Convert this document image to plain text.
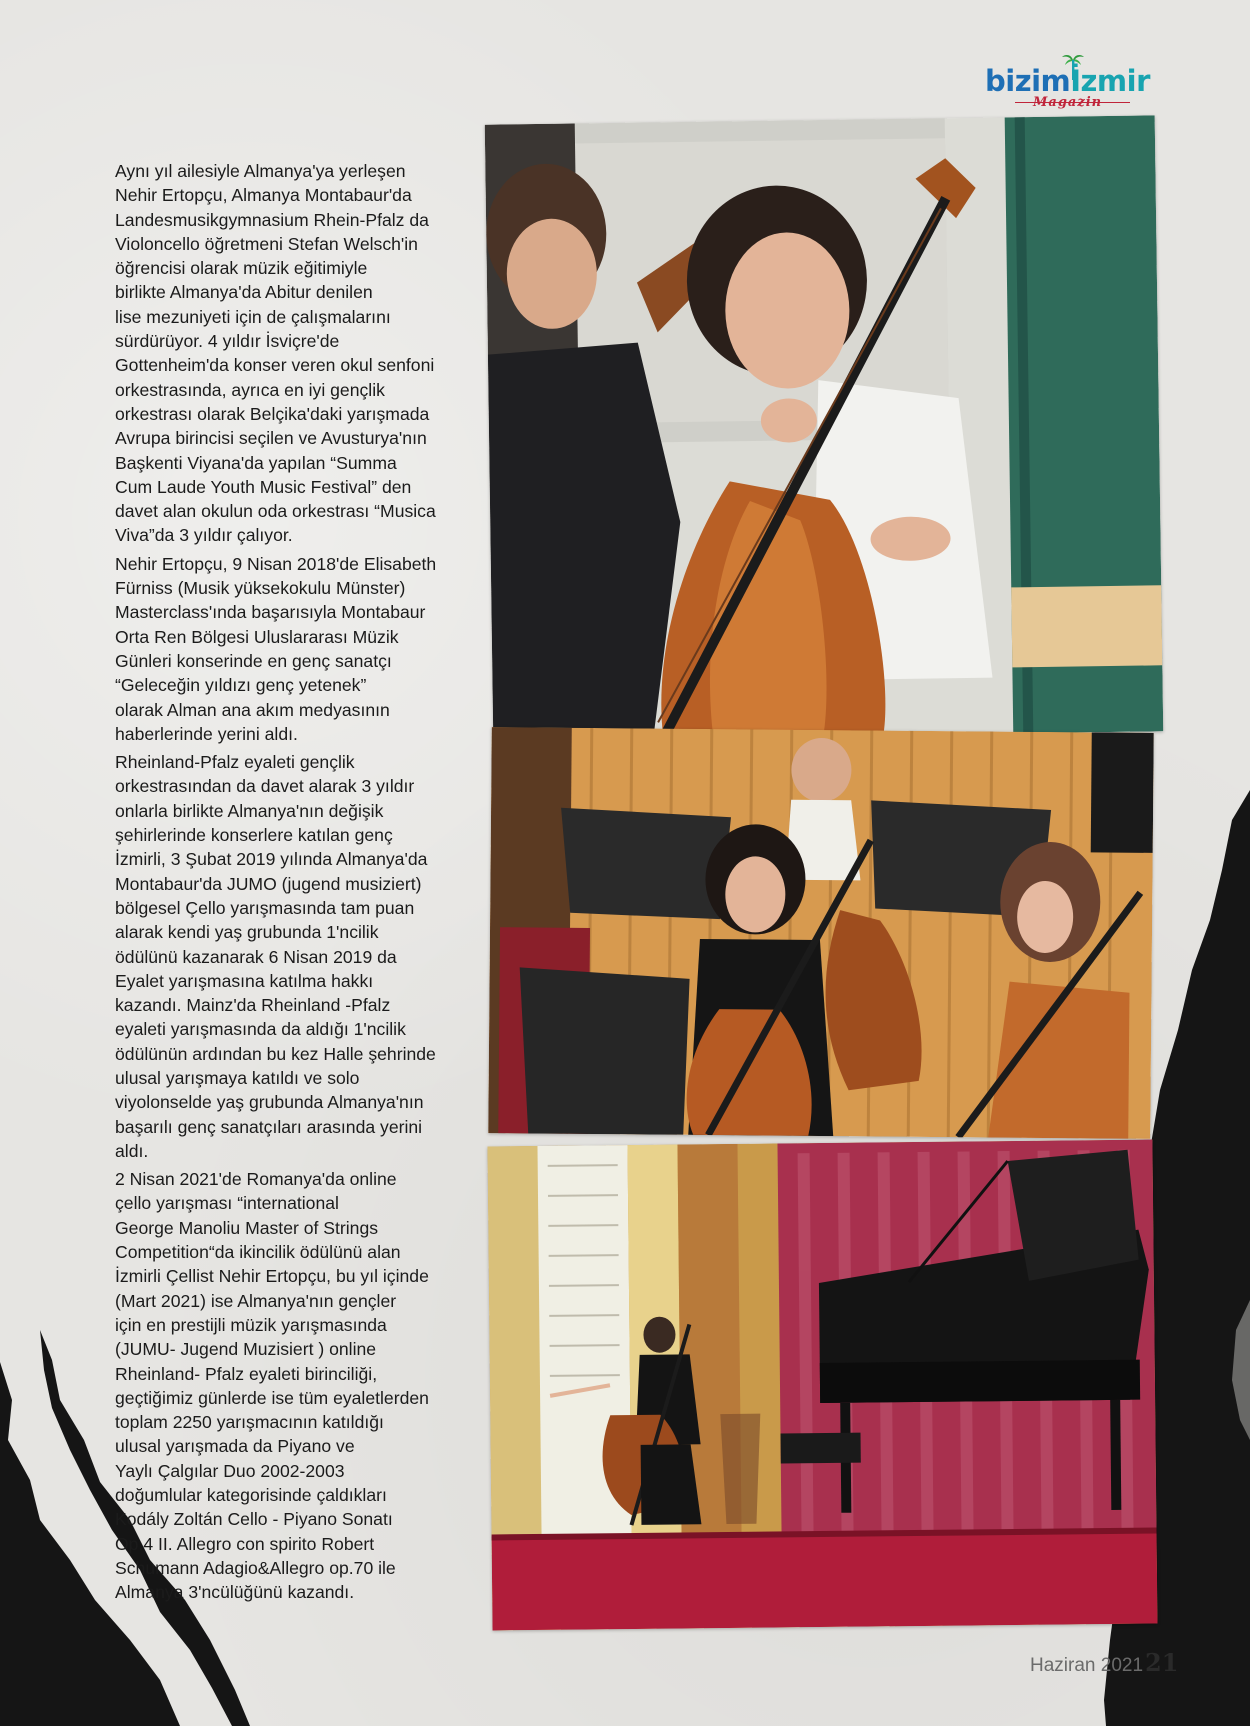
bizimİzmir
Magazin

Aynı yıl ailesiyle Almanya'ya yerleşen
Nehir Ertopçu, Almanya Montabaur'da
Landesmusikgymnasium Rhein-Pfalz da
Violoncello öğretmeni Stefan Welsch'in
öğrencisi olarak müzik eğitimiyle
birlikte Almanya'da Abitur denilen
lise mezuniyeti için de çalışmalarını
sürdürüyor. 4 yıldır İsviçre'de
Gottenheim'da konser veren okul senfoni
orkestrasında, ayrıca en iyi gençlik
orkestrası olarak Belçika'daki yarışmada
Avrupa birincisi seçilen ve Avusturya'nın
Başkenti Viyana'da yapılan “Summa
Cum Laude Youth Music Festival” den
davet alan okulun oda orkestrası “Musica
Viva”da 3 yıldır çalıyor.

Nehir Ertopçu, 9 Nisan 2018'de Elisabeth
Fürniss (Musik yüksekokulu Münster)
Masterclass'ında başarısıyla Montabaur
Orta Ren Bölgesi Uluslararası Müzik
Günleri konserinde en genç sanatçı
“Geleceğin yıldızı genç yetenek”
olarak Alman ana akım medyasının
haberlerinde yerini aldı.

Rheinland-Pfalz eyaleti gençlik
orkestrasından da davet alarak 3 yıldır
onlarla birlikte Almanya'nın değişik
şehirlerinde konserlere katılan genç
İzmirli, 3 Şubat 2019 yılında Almanya'da
Montabaur'da JUMO (jugend musiziert)
bölgesel Çello yarışmasında tam puan
alarak kendi yaş grubunda 1'ncilik
ödülünü kazanarak 6 Nisan 2019 da
Eyalet yarışmasına katılma hakkı
kazandı. Mainz'da Rheinland -Pfalz
eyaleti yarışmasında da aldığı 1'ncilik
ödülünün ardından bu kez Halle şehrinde
ulusal yarışmaya katıldı ve solo
viyolonselde yaş grubunda Almanya'nın
başarılı genç sanatçıları arasında yerini
aldı.

2 Nisan 2021'de Romanya'da online
çello yarışması “international
George Manoliu Master of Strings
Competition“da ikincilik ödülünü alan
İzmirli Çellist Nehir Ertopçu, bu yıl içinde
(Mart 2021) ise Almanya'nın gençler
için en prestijli müzik yarışmasında
(JUMU- Jugend Muzisiert ) online
Rheinland- Pfalz eyaleti birinciliği,
geçtiğimiz günlerde ise tüm eyaletlerden
toplam 2250 yarışmacının katıldığı
ulusal yarışmada da Piyano ve
Yaylı Çalgılar Duo 2002-2003
doğumlular kategorisinde çaldıkları
Kodály Zoltán Cello - Piyano Sonatı
Op.4 II. Allegro con spirito Robert
Schumann Adagio&Allegro op.70 ile
Almanya 3'ncülüğünü kazandı.

Haziran 202121
